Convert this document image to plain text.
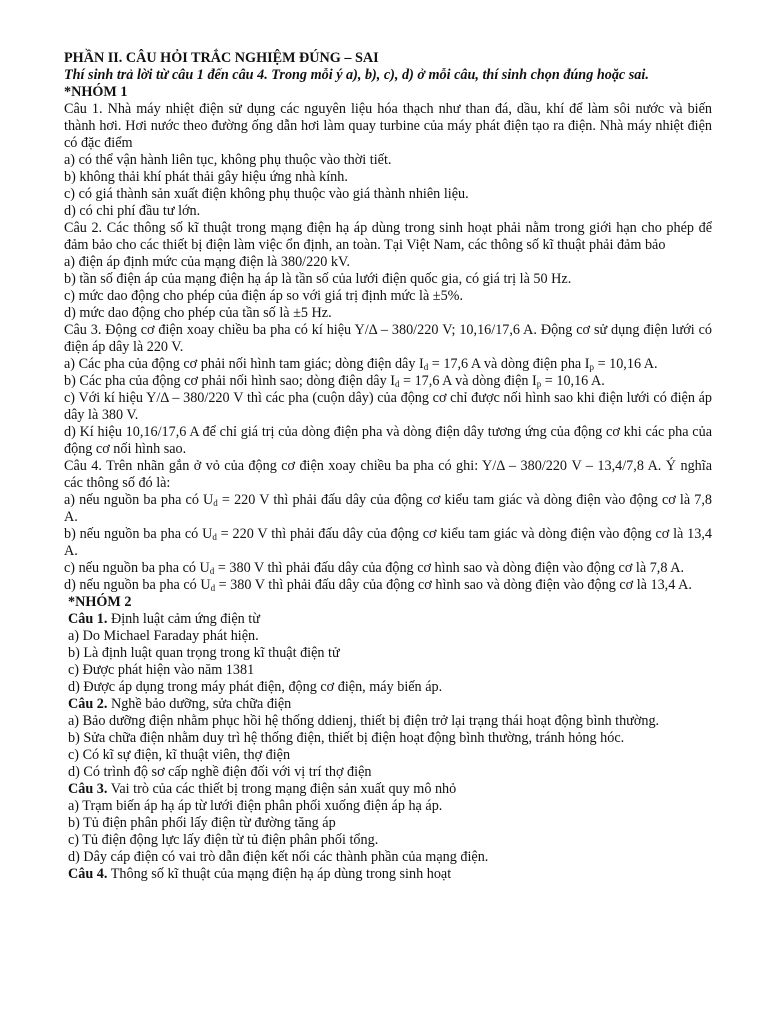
PHẦN II. CÂU HỎI TRẮC NGHIỆM ĐÚNG – SAI

Thí sinh trả lời từ câu 1 đến câu 4. Trong mỗi ý a), b), c), d) ở mỗi câu, thí sinh chọn đúng hoặc sai.

*NHÓM 1

Câu 1. Nhà máy nhiệt điện sử dụng các nguyên liệu hóa thạch như than đá, dầu, khí để làm sôi nước và biến thành hơi. Hơi nước theo đường ống dẫn hơi làm quay turbine của máy phát điện tạo ra điện. Nhà máy nhiệt điện có đặc điểm

a) có thể vận hành liên tục, không phụ thuộc vào thời tiết.

b) không thải khí phát thải gây hiệu ứng nhà kính.

c) có giá thành sản xuất điện không phụ thuộc vào giá thành nhiên liệu.

d) có chi phí đầu tư lớn.

Câu 2. Các thông số kĩ thuật trong mạng điện hạ áp dùng trong sinh hoạt phải nằm trong giới hạn cho phép để đảm bảo cho các thiết bị điện làm việc ổn định, an toàn. Tại Việt Nam, các thông số kĩ thuật phải đảm bảo

a) điện áp định mức của mạng điện là 380/220 kV.

b) tần số điện áp của mạng điện hạ áp là tần số của lưới điện quốc gia, có giá trị là 50 Hz.

c) mức dao động cho phép của điện áp so với giá trị định mức là ±5%.

d) mức dao động cho phép của tần số là ±5 Hz.

Câu 3. Động cơ điện xoay chiều ba pha có kí hiệu Y/Δ – 380/220 V; 10,16/17,6 A. Động cơ sử dụng điện lưới có điện áp dây là 220 V.

a) Các pha của động cơ phải nối hình tam giác; dòng điện dây $I_d = 17,6$ A và dòng điện pha $I_p = 10,16$ A.

b) Các pha của động cơ phải nối hình sao; dòng điện dây $I_d = 17,6$ A và dòng điện $I_p = 10,16$ A.

c) Với kí hiệu Y/Δ – 380/220 V thì các pha (cuộn dây) của động cơ chỉ được nối hình sao khi điện lưới có điện áp dây là 380 V.

d) Kí hiệu 10,16/17,6 A để chỉ giá trị của dòng điện pha và dòng điện dây tương ứng của động cơ khi các pha của động cơ nối hình sao.

Câu 4. Trên nhãn gắn ở vỏ của động cơ điện xoay chiều ba pha có ghi: Y/Δ – 380/220 V – 13,4/7,8 A. Ý nghĩa các thông số đó là:

a) nếu nguồn ba pha có $U_d = 220$ V thì phải đấu dây của động cơ kiểu tam giác và dòng điện vào động cơ là 7,8 A.

b) nếu nguồn ba pha có $U_d = 220$ V thì phải đấu dây của động cơ kiểu tam giác và dòng điện vào động cơ là 13,4 A.

c) nếu nguồn ba pha có $U_d = 380$ V thì phải đấu dây của động cơ hình sao và dòng điện vào động cơ là 7,8 A.

d) nếu nguồn ba pha có $U_d = 380$ V thì phải đấu dây của động cơ hình sao và dòng điện vào động cơ là 13,4 A.

*NHÓM 2

Câu 1. Định luật cảm ứng điện từ

a) Do Michael Faraday phát hiện.

b) Là định luật quan trọng trong kĩ thuật điện tử

c) Được phát hiện vào năm 1381

d) Được áp dụng trong máy phát điện, động cơ điện, máy biến áp.

Câu 2. Nghề bảo dưỡng, sửa chữa điện

a) Bảo dưỡng điện nhằm phục hồi hệ thống ddienj, thiết bị điện trở lại trạng thái hoạt động bình thường.

b) Sửa chữa điện nhằm duy trì hệ thống điện, thiết bị điện hoạt động bình thường, tránh hỏng hóc.

c) Có kĩ sự điện, kĩ thuật viên, thợ điện

d) Có trình độ sơ cấp nghề điện đối với vị trí thợ điện

Câu 3. Vai trò của các thiết bị trong mạng điện sản xuất quy mô nhỏ

a) Trạm biến áp hạ áp từ lưới điện phân phối xuống điện áp hạ áp.

b) Tủ điện phân phối lấy điện từ đường tăng áp

c) Tủ điện động lực lấy điện từ tủ điện phân phối tổng.

d) Dây cáp điện có vai trò dẫn điện kết nối các thành phần của mạng điện.

Câu 4. Thông số kĩ thuật của mạng điện hạ áp dùng trong sinh hoạt
